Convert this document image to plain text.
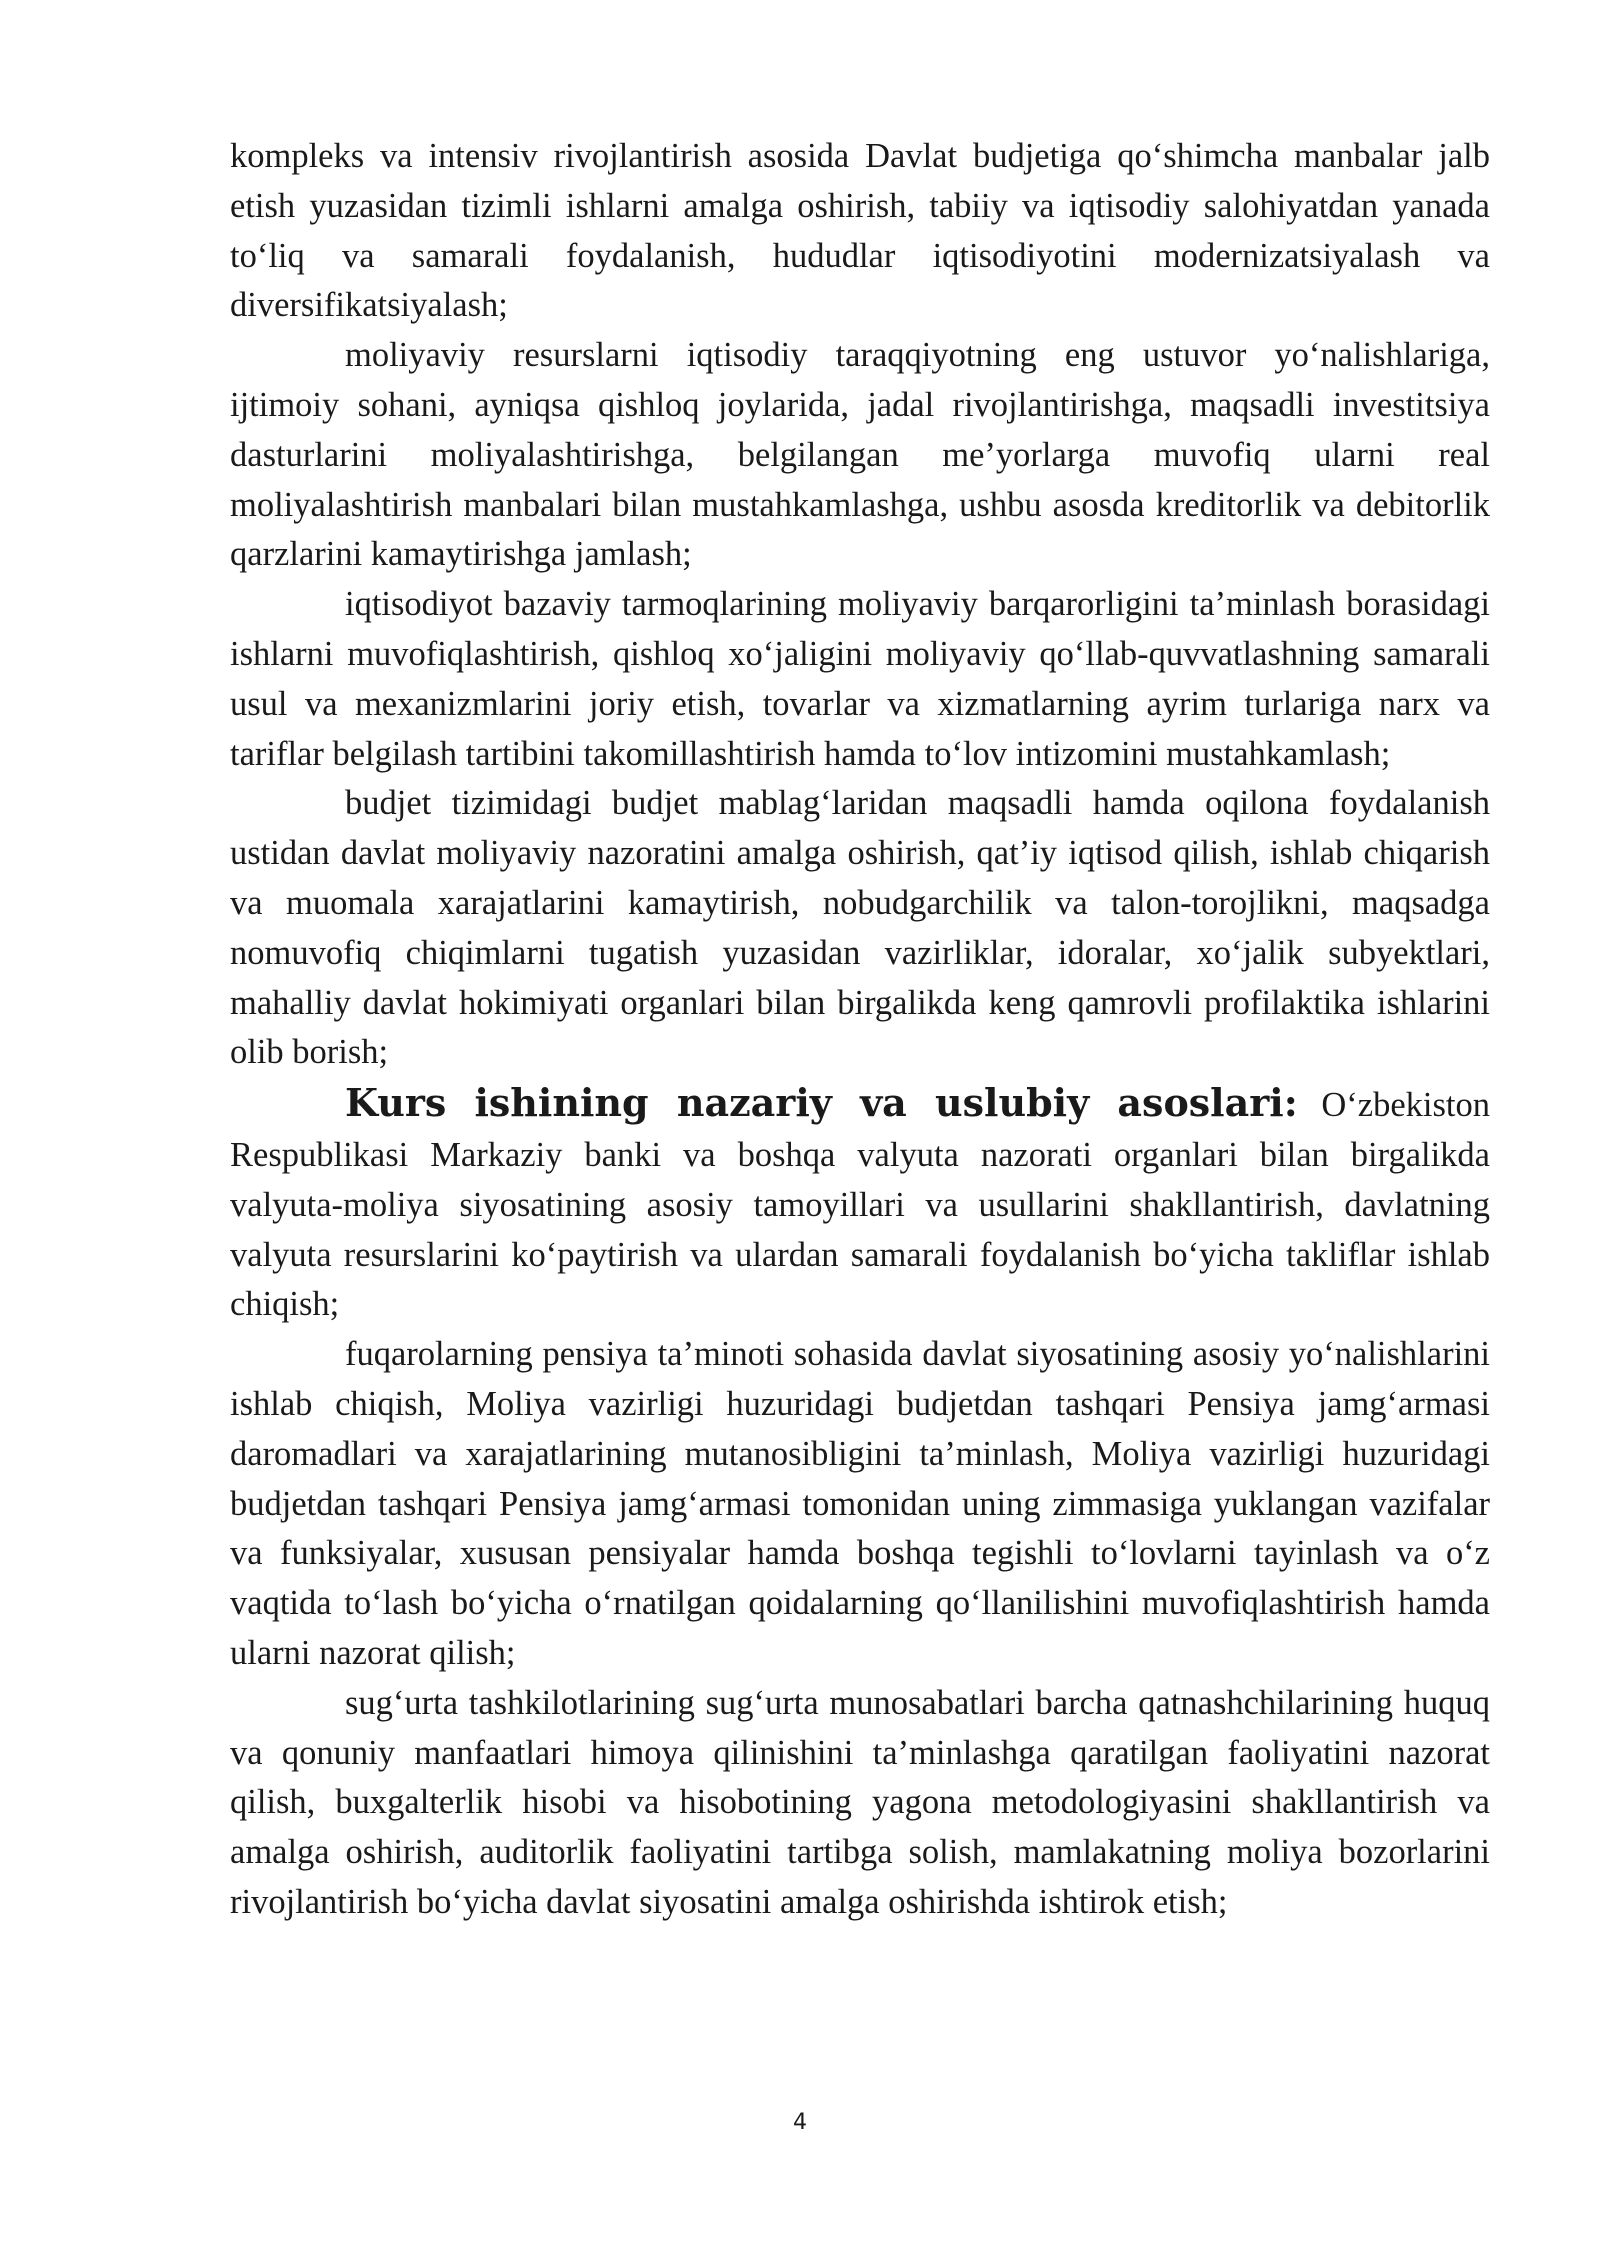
kompleks va intensiv rivojlantirish asosida Davlat budjetiga qo‘shimcha manbalar jalb etish yuzasidan tizimli ishlarni amalga oshirish, tabiiy va iqtisodiy salohiyatdan yanada to‘liq va samarali foydalanish, hududlar iqtisodiyotini modernizatsiyalash va diversifikatsiyalash;

moliyaviy resurslarni iqtisodiy taraqqiyotning eng ustuvor yo‘nalishlariga, ijtimoiy sohani, ayniqsa qishloq joylarida, jadal rivojlantirishga, maqsadli investitsiya dasturlarini moliyalashtirishga, belgilangan me’yorlarga muvofiq ularni real moliyalashtirish manbalari bilan mustahkamlashga, ushbu asosda kreditorlik va debitorlik qarzlarini kamaytirishga jamlash;

iqtisodiyot bazaviy tarmoqlarining moliyaviy barqarorligini ta’minlash borasidagi ishlarni muvofiqlashtirish, qishloq xo‘jaligini moliyaviy qo‘llab-quvvatlashning samarali usul va mexanizmlarini joriy etish, tovarlar va xizmatlarning ayrim turlariga narx va tariflar belgilash tartibini takomillashtirish hamda to‘lov intizomini mustahkamlash;

budjet tizimidagi budjet mablag‘laridan maqsadli hamda oqilona foydalanish ustidan davlat moliyaviy nazoratini amalga oshirish, qat’iy iqtisod qilish, ishlab chiqarish va muomala xarajatlarini kamaytirish, nobudgarchilik va talon-torojlikni, maqsadga nomuvofiq chiqimlarni tugatish yuzasidan vazirliklar, idoralar, xo‘jalik subyektlari, mahalliy davlat hokimiyati organlari bilan birgalikda keng qamrovli profilaktika ishlarini olib borish;

Kurs ishining nazariy va uslubiy asoslari: O‘zbekiston Respublikasi Markaziy banki va boshqa valyuta nazorati organlari bilan birgalikda valyuta-moliya siyosatining asosiy tamoyillari va usullarini shakllantirish, davlatning valyuta resurslarini ko‘paytirish va ulardan samarali foydalanish bo‘yicha takliflar ishlab chiqish;

fuqarolarning pensiya ta’minoti sohasida davlat siyosatining asosiy yo‘nalishlarini ishlab chiqish, Moliya vazirligi huzuridagi budjetdan tashqari Pensiya jamg‘armasi daromadlari va xarajatlarining mutanosibligini ta’minlash, Moliya vazirligi huzuridagi budjetdan tashqari Pensiya jamg‘armasi tomonidan uning zimmasiga yuklangan vazifalar va funksiyalar, xususan pensiyalar hamda boshqa tegishli to‘lovlarni tayinlash va o‘z vaqtida to‘lash bo‘yicha o‘rnatilgan qoidalarning qo‘llanilishini muvofiqlashtirish hamda ularni nazorat qilish;

sug‘urta tashkilotlarining sug‘urta munosabatlari barcha qatnashchilarining huquq va qonuniy manfaatlari himoya qilinishini ta’minlashga qaratilgan faoliyatini nazorat qilish, buxgalterlik hisobi va hisobotining yagona metodologiyasini shakllantirish va amalga oshirish, auditorlik faoliyatini tartibga solish, mamlakatning moliya bozorlarini rivojlantirish bo‘yicha davlat siyosatini amalga oshirishda ishtirok etish;

4
